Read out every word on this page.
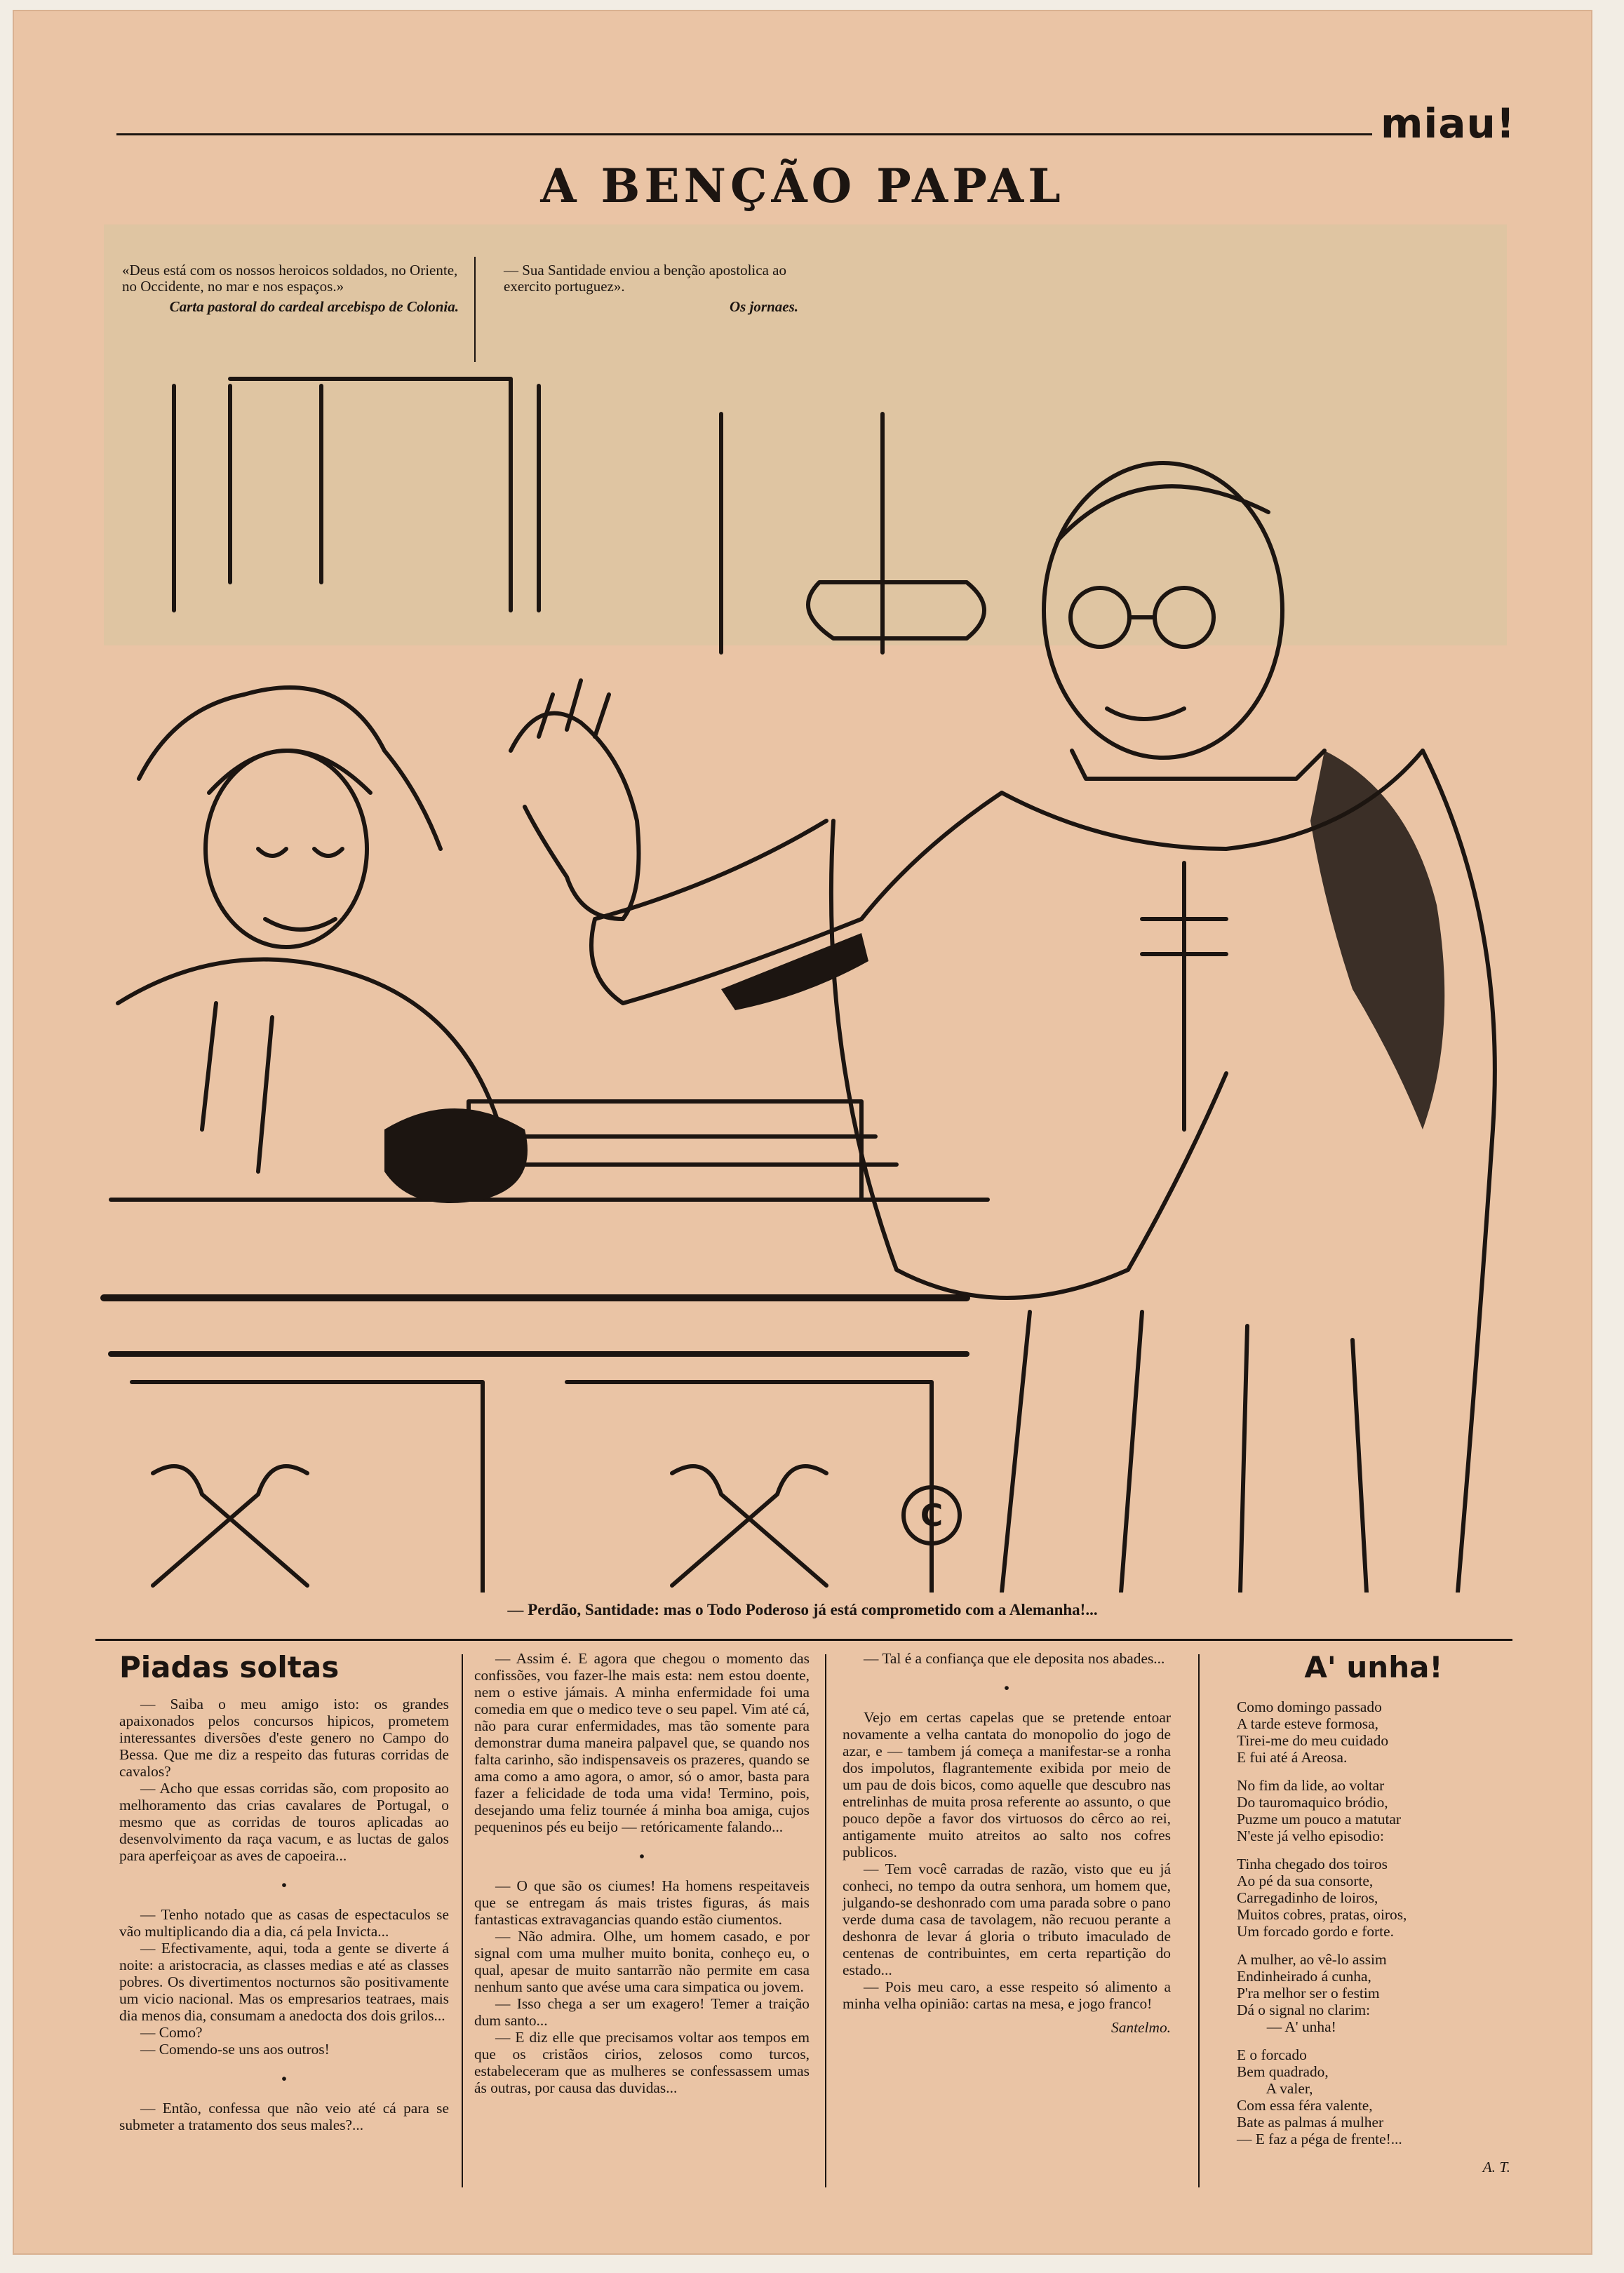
miau!
A BENÇÃO PAPAL
C

«Deus está com os nossos heroicos soldados, no Oriente, no Occidente, no mar e nos espaços.»

Carta pastoral do cardeal arcebispo de Colonia.

— Sua Santidade enviou a benção apostolica ao exercito portuguez».

Os jornaes.

— Perdão, Santidade: mas o Todo Poderoso já está comprometido com a Alemanha!...
Piadas soltas

— Saiba o meu amigo isto: os grandes apaixonados pelos concursos hipicos, prometem interessantes diversões d'este genero no Campo do Bessa. Que me diz a respeito das futuras corridas de cavalos?

— Acho que essas corridas são, com proposito ao melhoramento das crias cavalares de Portugal, o mesmo que as corridas de touros aplicadas ao desenvolvimento da raça vacum, e as luctas de galos para aperfeiçoar as aves de capoeira...

•

— Tenho notado que as casas de espectaculos se vão multiplicando dia a dia, cá pela Invicta...

— Efectivamente, aqui, toda a gente se diverte á noite: a aristocracia, as classes medias e até as classes pobres. Os divertimentos nocturnos são positivamente um vicio nacional. Mas os empresarios teatraes, mais dia menos dia, consumam a anedocta dos dois grilos...

— Como?

— Comendo-se uns aos outros!

•

— Então, confessa que não veio até cá para se submeter a tratamento dos seus males?...

— Assim é. E agora que chegou o momento das confissões, vou fazer-lhe mais esta: nem estou doente, nem o estive jámais. A minha enfermidade foi uma comedia em que o medico teve o seu papel. Vim até cá, não para curar enfermidades, mas tão somente para demonstrar duma maneira palpavel que, se quando nos falta carinho, são indispensaveis os prazeres, quando se ama como a amo agora, o amor, só o amor, basta para fazer a felicidade de toda uma vida! Termino, pois, desejando uma feliz tournée á minha boa amiga, cujos pequeninos pés eu beijo — retóricamente falando...

•

— O que são os ciumes! Ha homens respeitaveis que se entregam ás mais tristes figuras, ás mais fantasticas extravagancias quando estão ciumentos.

— Não admira. Olhe, um homem casado, e por signal com uma mulher muito bonita, conheço eu, o qual, apesar de muito santarrão não permite em casa nenhum santo que avése uma cara simpatica ou jovem.

— Isso chega a ser um exagero! Temer a traição dum santo...

— E diz elle que precisamos voltar aos tempos em que os cristãos cirios, zelosos como turcos, estabeleceram que as mulheres se confessassem umas ás outras, por causa das duvidas...

— Tal é a confiança que ele deposita nos abades...

•

Vejo em certas capelas que se pretende entoar novamente a velha cantata do monopolio do jogo de azar, e — tambem já começa a manifestar-se a ronha dos impolutos, flagrantemente exibida por meio de um pau de dois bicos, como aquelle que descubro nas entrelinhas de muita prosa referente ao assunto, o que pouco depõe a favor dos virtuosos do cêrco ao rei, antigamente muito atreitos ao salto nos cofres publicos.

— Tem você carradas de razão, visto que eu já conheci, no tempo da outra senhora, um homem que, julgando-se deshonrado com uma parada sobre o pano verde duma casa de tavolagem, não recuou perante a deshonra de levar á gloria o tributo imaculado de centenas de contribuintes, em certa repartição do estado...

— Pois meu caro, a esse respeito só alimento a minha velha opinião: cartas na mesa, e jogo franco!

Santelmo.
A' unha!
Como domingo passado
A tarde esteve formosa,
Tirei-me do meu cuidado
E fui até á Areosa.
No fim da lide, ao voltar
Do tauromaquico bródio,
Puzme um pouco a matutar
N'este já velho episodio:
Tinha chegado dos toiros
Ao pé da sua consorte,
Carregadinho de loiros,
Muitos cobres, pratas, oiros,
Um forcado gordo e forte.
A mulher, ao vê-lo assim
Endinheirado á cunha,
P'ra melhor ser o festim
Dá o signal no clarim:
— A' unha!
E o forcado
Bem quadrado,
A valer,
Com essa féra valente,
Bate as palmas á mulher
— E faz a péga de frente!...
A. T.
